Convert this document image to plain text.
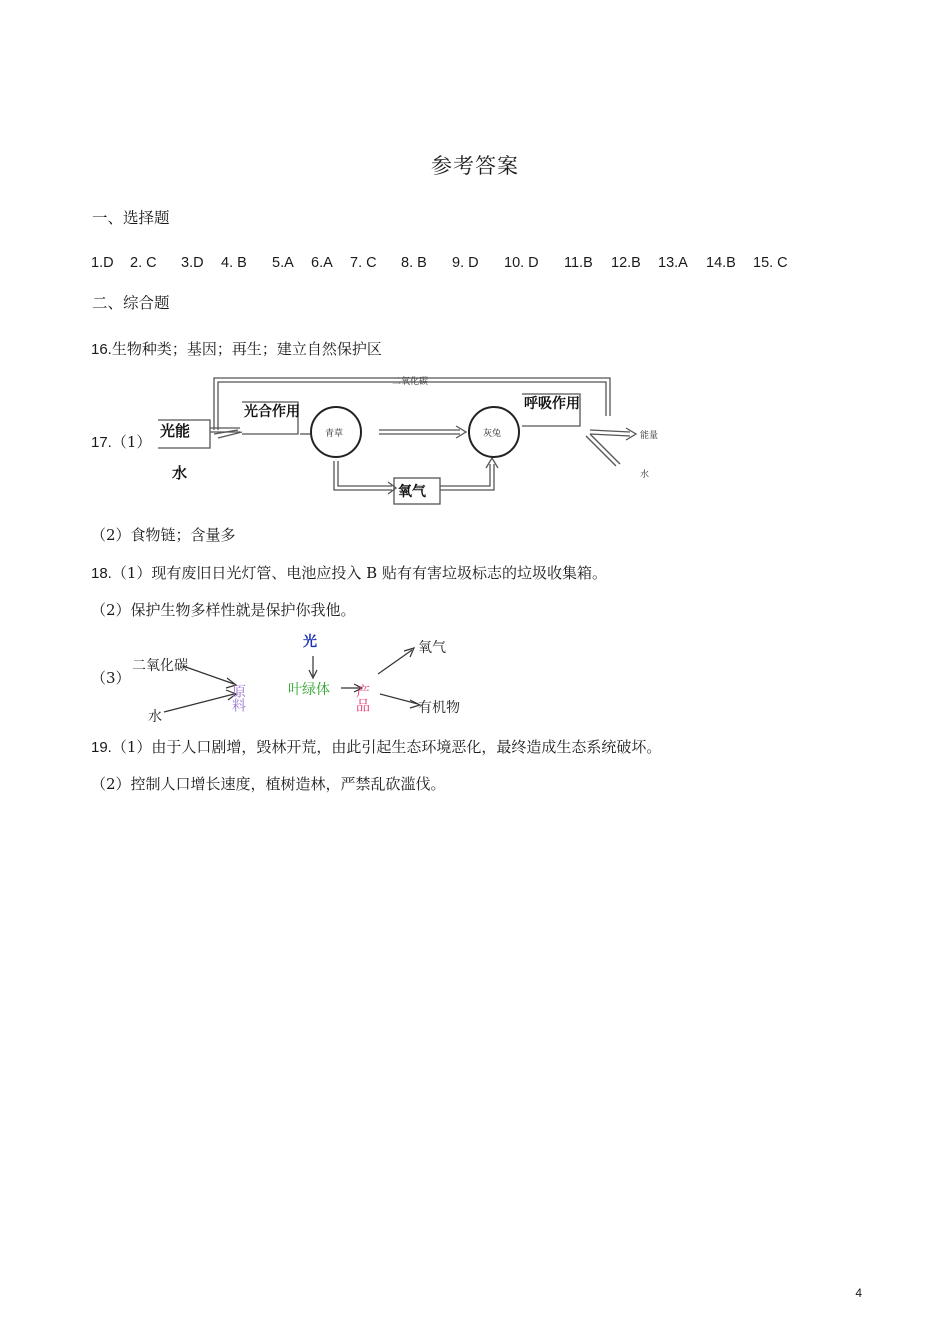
参考答案
一、选择题
1.D 2. C 3.D 4. B 5.A 6.A 7. C 8. B 9. D 10. D 11.B 12.B 13.A 14.B 15. C
二、综合题
16.生物种类；基因；再生；建立自然保护区
17.（1）
二氧化碳
光能
水
光合作用
青草
氧气
灰兔
呼吸作用
能量
水
（2）食物链；含量多
18.（1）现有废旧日光灯管、电池应投入 B 贴有有害垃圾标志的垃圾收集箱。
（2）保护生物多样性就是保护你我他。
（3）
二氧化碳
水
原料
光
叶绿体 产品
氧气
有机物
19.（1）由于人口剧增，毁林开荒，由此引起生态环境恶化，最终造成生态系统破坏。
（2）控制人口增长速度，植树造林，严禁乱砍滥伐。
4
